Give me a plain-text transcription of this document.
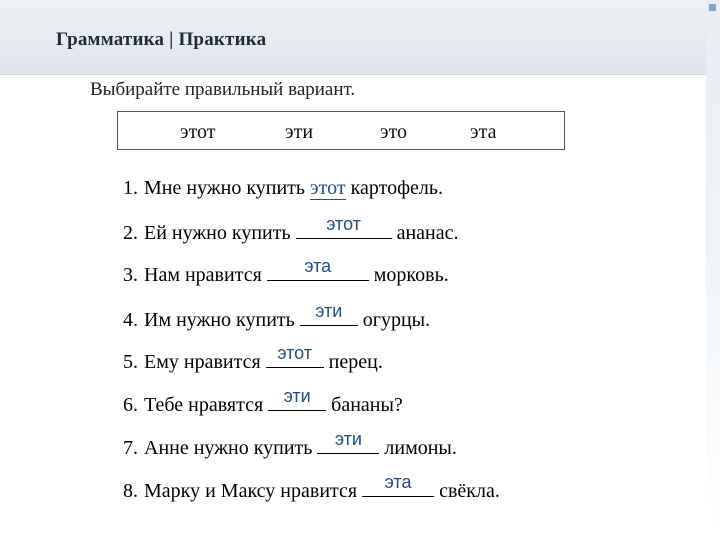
Грамматика | Практика
Выбирайте правильный вариант.
этот	эти	это	эта
1. Мне нужно купить этот картофель.
2. Ей нужно купить	этот	ананас.
3. Нам нравится	эта	морковь.
4. Им нужно купить эти огурцы.
5. Ему нравится этот перец.
6. Тебе нравятся эти бананы?
7. Анне нужно купить эти лимоны.
8. Марку и Максу нравится	эта	свёкла.
